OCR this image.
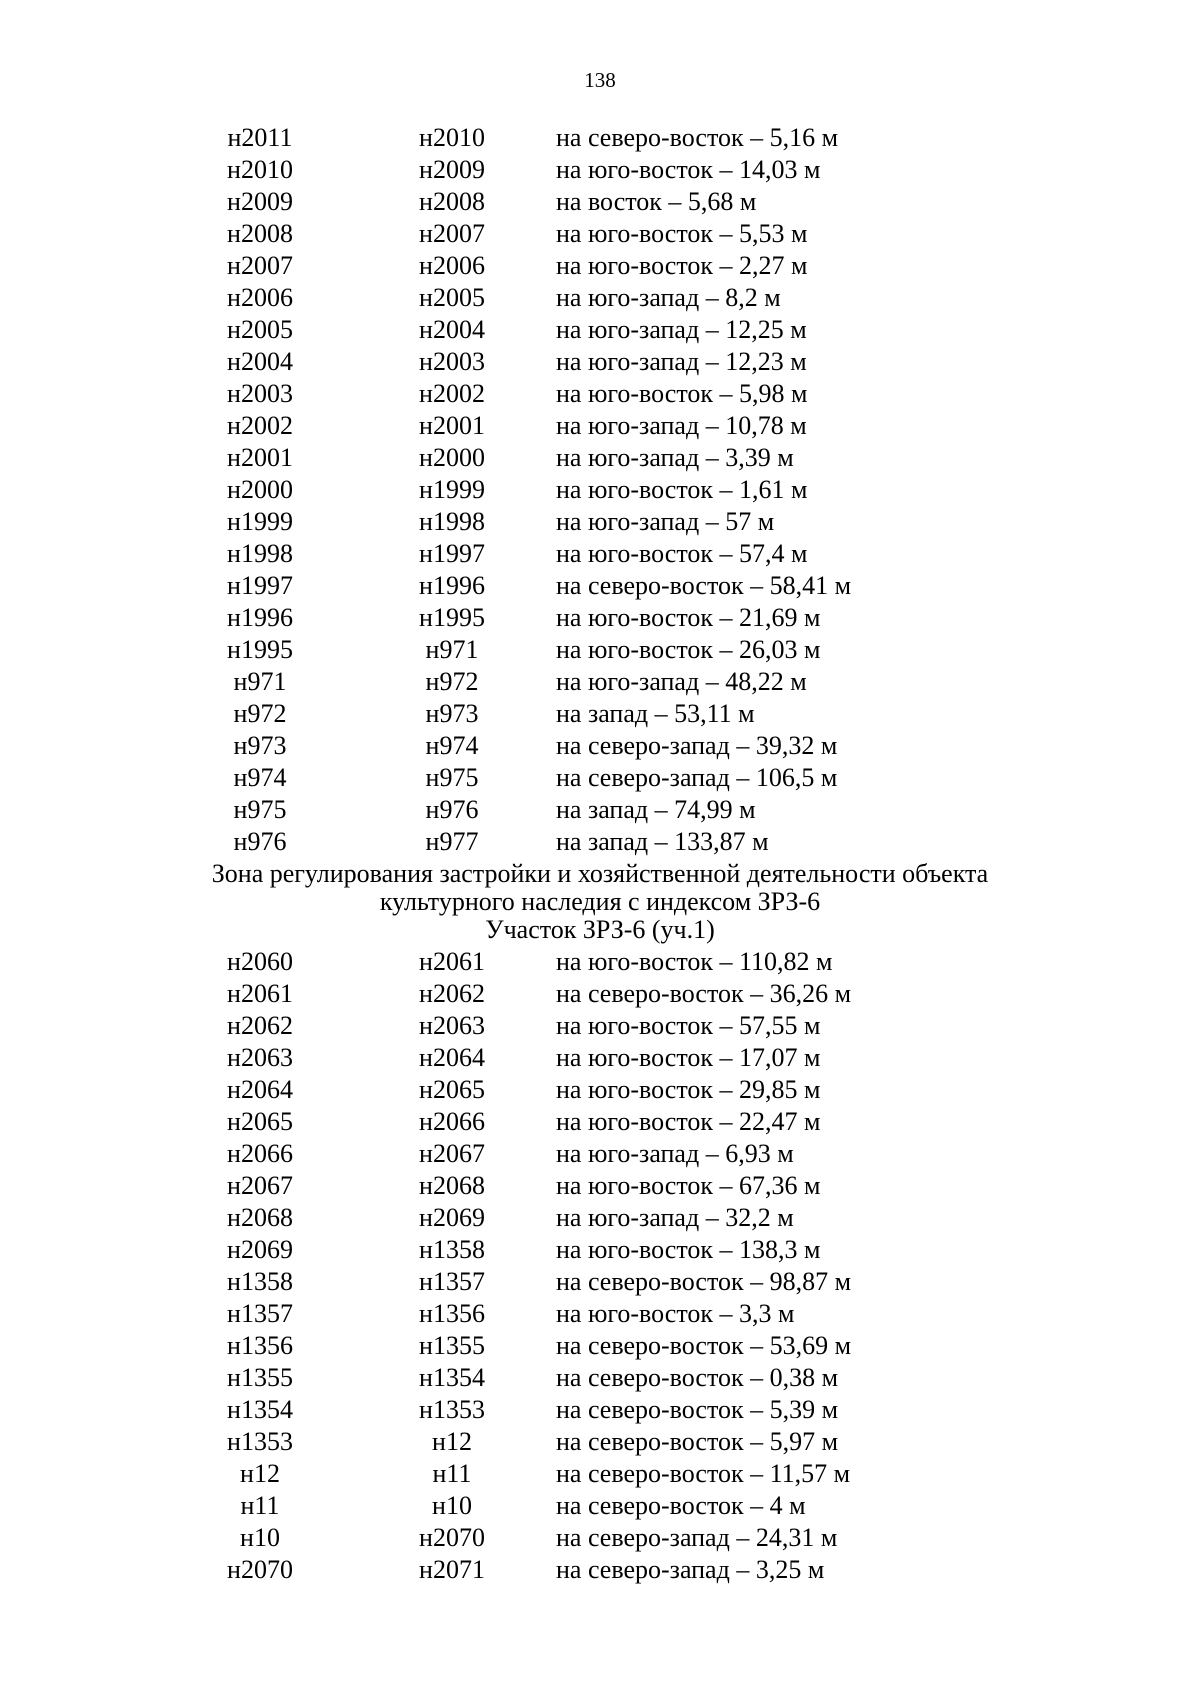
138
н2011	н2010	на северо-восток – 5,16 м
н2010	н2009	на юго-восток – 14,03 м
н2009	н2008	на восток – 5,68 м
н2008	н2007	на юго-восток – 5,53 м
н2007	н2006	на юго-восток – 2,27 м
н2006	н2005	на юго-запад – 8,2 м
н2005	н2004	на юго-запад – 12,25 м
н2004	н2003	на юго-запад – 12,23 м
н2003	н2002	на юго-восток – 5,98 м
н2002	н2001	на юго-запад – 10,78 м
н2001	н2000	на юго-запад – 3,39 м
н2000	н1999	на юго-восток – 1,61 м
н1999	н1998	на юго-запад – 57 м
н1998	н1997	на юго-восток – 57,4 м
н1997	н1996	на северо-восток – 58,41 м
н1996	н1995	на юго-восток – 21,69 м
н1995	н971	на юго-восток – 26,03 м
н971	н972	на юго-запад – 48,22 м
н972	н973	на запад – 53,11 м
н973	н974	на северо-запад – 39,32 м
н974	н975	на северо-запад – 106,5 м
н975	н976	на запад – 74,99 м
н976	н977	на запад – 133,87 м
Зона регулирования застройки и хозяйственной деятельности объекта
культурного наследия с индексом ЗРЗ-6
Участок ЗРЗ-6 (уч.1)
н2060	н2061	на юго-восток – 110,82 м
н2061	н2062	на северо-восток – 36,26 м
н2062	н2063	на юго-восток – 57,55 м
н2063	н2064	на юго-восток – 17,07 м
н2064	н2065	на юго-восток – 29,85 м
н2065	н2066	на юго-восток – 22,47 м
н2066	н2067	на юго-запад – 6,93 м
н2067	н2068	на юго-восток – 67,36 м
н2068	н2069	на юго-запад – 32,2 м
н2069	н1358	на юго-восток – 138,3 м
н1358	н1357	на северо-восток – 98,87 м
н1357	н1356	на юго-восток – 3,3 м
н1356	н1355	на северо-восток – 53,69 м
н1355	н1354	на северо-восток – 0,38 м
н1354	н1353	на северо-восток – 5,39 м
н1353	н12	на северо-восток – 5,97 м
н12	н11	на северо-восток – 11,57 м
н11	н10	на северо-восток – 4 м
н10	н2070	на северо-запад – 24,31 м
н2070	н2071	на северо-запад – 3,25 м
